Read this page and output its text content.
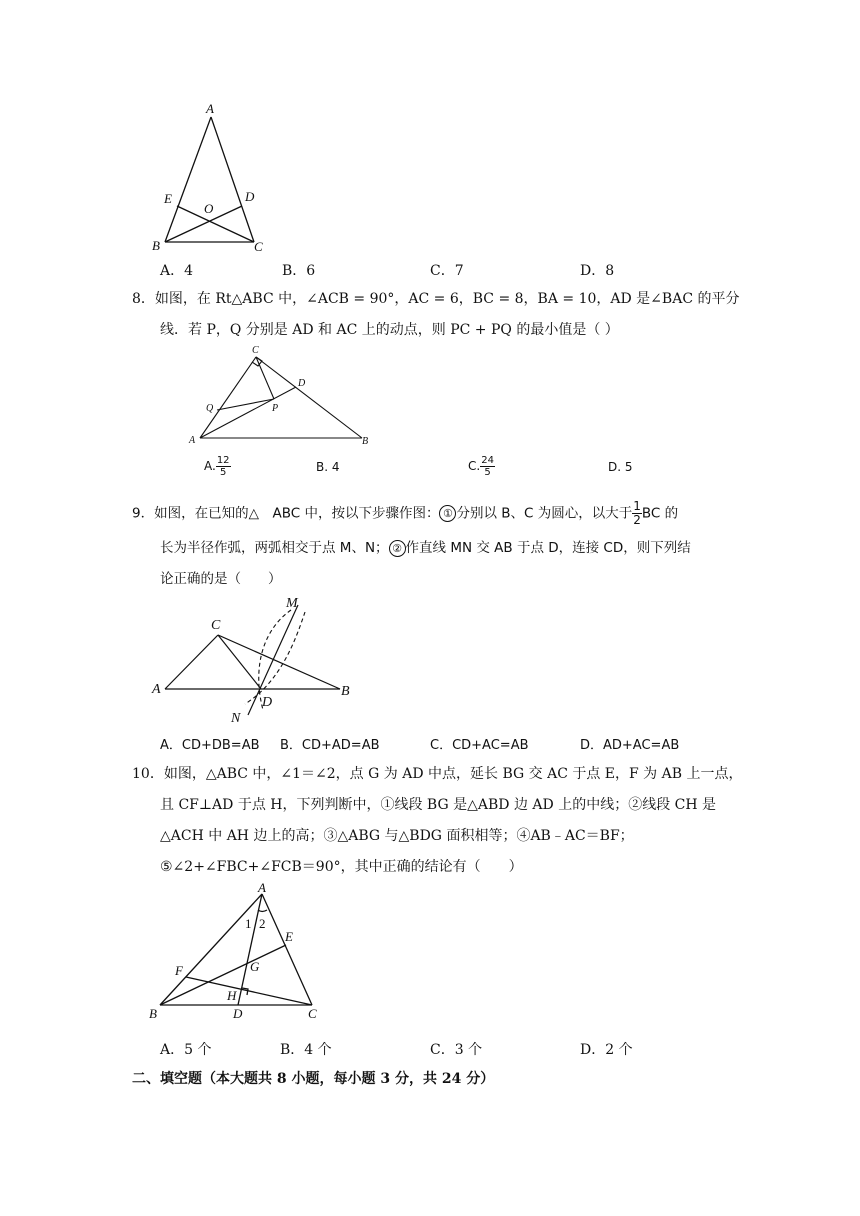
A
E	D
O
B	C
A．4	B．6	C．7	D．8
8．如图，在 Rt△ABC 中，∠ACB = 90°，AC = 6，BC = 8，BA = 10，AD 是∠BAC 的平分
线．若 P，Q 分别是 AD 和 AC 上的动点，则 PC + PQ 的最小值是（ ）
C
D
Q	P
A	B
A. $\frac{12}{5}$	B. 4	C. $\frac{24}{5}$	D. 5
9．如图，在已知的△　ABC 中，按以下步骤作图： ① 分别以 B、C 为圆心，以大于 $\frac{1}{2}$ BC 的
长为半径作弧，两弧相交于点 M、N； ② 作直线 MN 交 AB 于点 D，连接 CD，则下列结
论正确的是（　　）
M
C
A	B
N
D
A．CD+DB=AB B．CD+AD=AB	C．CD+AC=AB	D．AD+AC=AB
10．如图，△ABC 中，∠1＝∠2，点 G 为 AD 中点，延长 BG 交 AC 于点 E，F 为 AB 上一点，
且 CF⊥AD 于点 H，下列判断中，①线段 BG 是△ABD 边 AD 上的中线；②线段 CH 是
△ACH 中 AH 边上的高；③△ABG 与△BDG 面积相等；④AB﹣AC＝BF；
⑤∠2+∠FBC+∠FCB＝90°，其中正确的结论有（　　）
A
1 2
E
F	G
H
B	D	C
A．5 个	B．4 个	C．3 个	D．2 个
二、填空题（本大题共 8 小题，每小题 3 分，共 24 分）
